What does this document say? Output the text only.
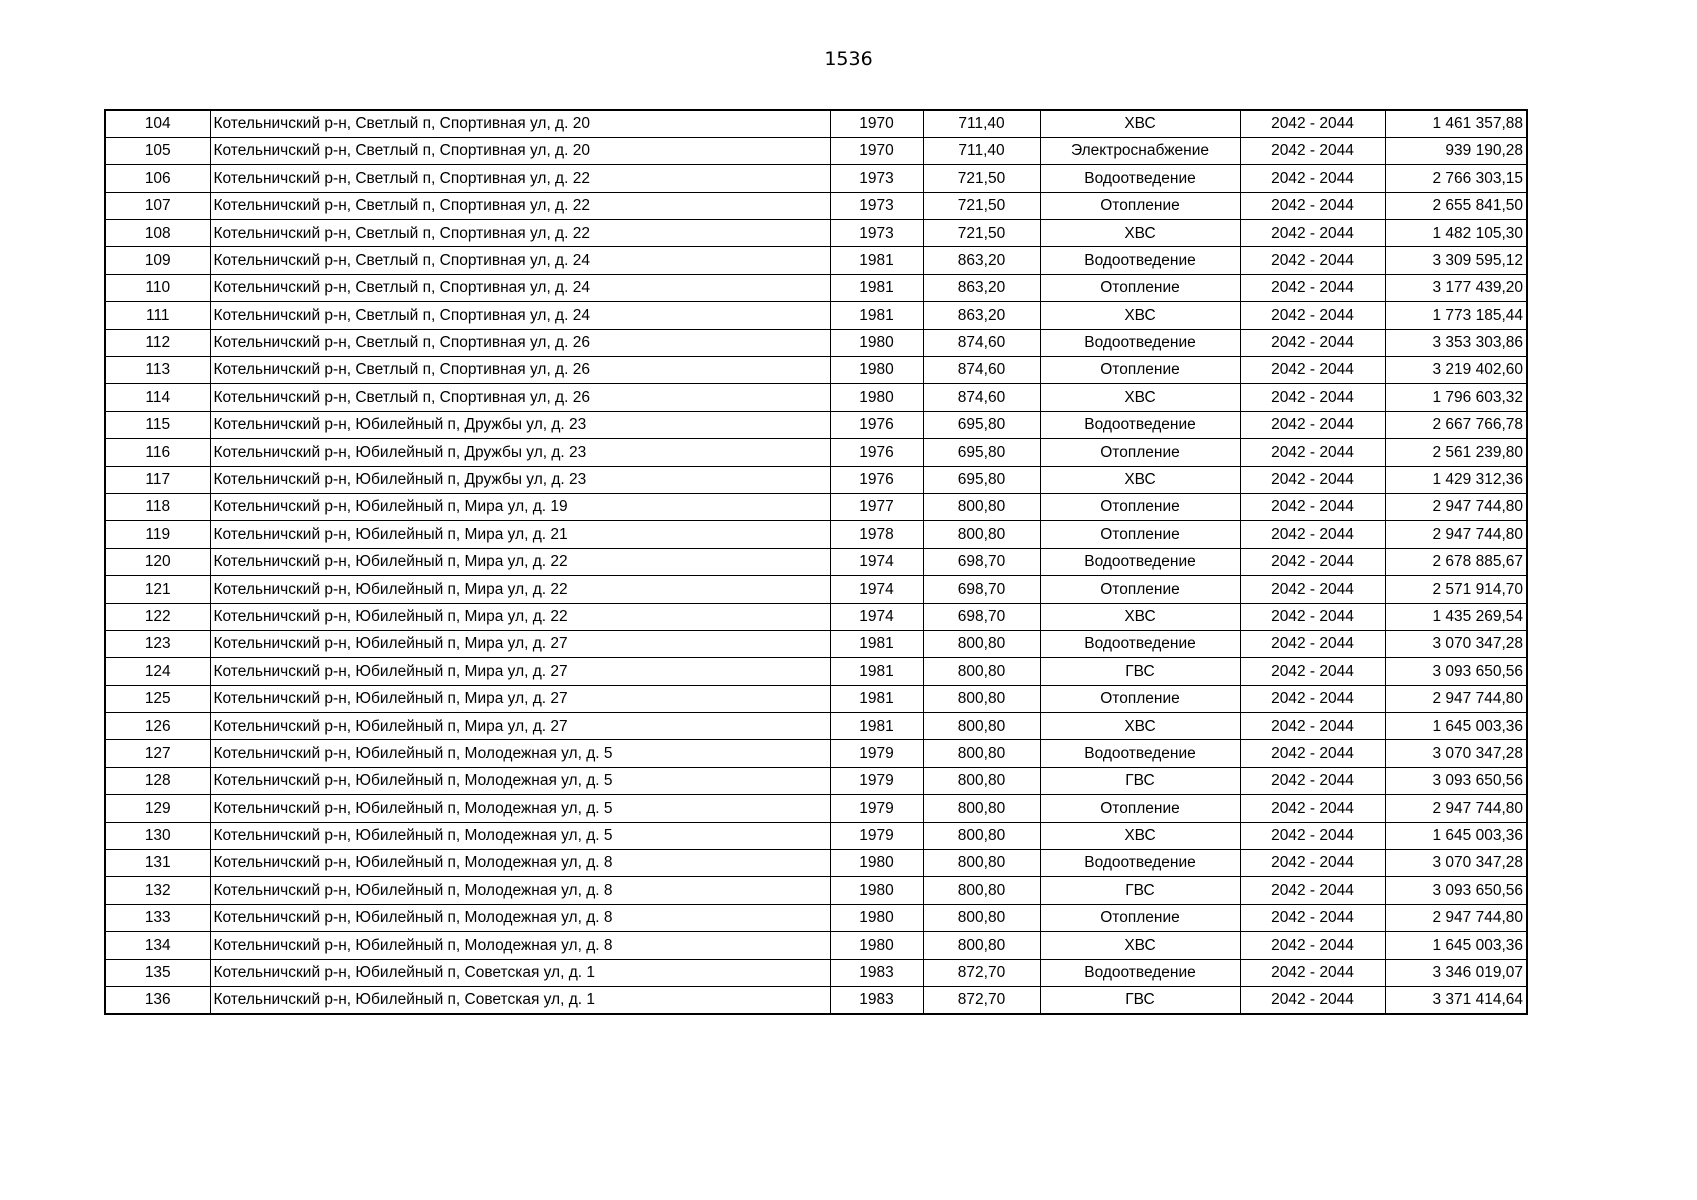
1536
104	Котельничский р-н, Светлый п, Спортивная ул, д. 20	1970	711,40	ХВС	2042 - 2044	1 461 357,88
105	Котельничский р-н, Светлый п, Спортивная ул, д. 20	1970	711,40	Электроснабжение	2042 - 2044	939 190,28
106	Котельничский р-н, Светлый п, Спортивная ул, д. 22	1973	721,50	Водоотведение	2042 - 2044	2 766 303,15
107	Котельничский р-н, Светлый п, Спортивная ул, д. 22	1973	721,50	Отопление	2042 - 2044	2 655 841,50
108	Котельничский р-н, Светлый п, Спортивная ул, д. 22	1973	721,50	ХВС	2042 - 2044	1 482 105,30
109	Котельничский р-н, Светлый п, Спортивная ул, д. 24	1981	863,20	Водоотведение	2042 - 2044	3 309 595,12
110	Котельничский р-н, Светлый п, Спортивная ул, д. 24	1981	863,20	Отопление	2042 - 2044	3 177 439,20
111	Котельничский р-н, Светлый п, Спортивная ул, д. 24	1981	863,20	ХВС	2042 - 2044	1 773 185,44
112	Котельничский р-н, Светлый п, Спортивная ул, д. 26	1980	874,60	Водоотведение	2042 - 2044	3 353 303,86
113	Котельничский р-н, Светлый п, Спортивная ул, д. 26	1980	874,60	Отопление	2042 - 2044	3 219 402,60
114	Котельничский р-н, Светлый п, Спортивная ул, д. 26	1980	874,60	ХВС	2042 - 2044	1 796 603,32
115	Котельничский р-н, Юбилейный п, Дружбы ул, д. 23	1976	695,80	Водоотведение	2042 - 2044	2 667 766,78
116	Котельничский р-н, Юбилейный п, Дружбы ул, д. 23	1976	695,80	Отопление	2042 - 2044	2 561 239,80
117	Котельничский р-н, Юбилейный п, Дружбы ул, д. 23	1976	695,80	ХВС	2042 - 2044	1 429 312,36
118	Котельничский р-н, Юбилейный п, Мира ул, д. 19	1977	800,80	Отопление	2042 - 2044	2 947 744,80
119	Котельничский р-н, Юбилейный п, Мира ул, д. 21	1978	800,80	Отопление	2042 - 2044	2 947 744,80
120	Котельничский р-н, Юбилейный п, Мира ул, д. 22	1974	698,70	Водоотведение	2042 - 2044	2 678 885,67
121	Котельничский р-н, Юбилейный п, Мира ул, д. 22	1974	698,70	Отопление	2042 - 2044	2 571 914,70
122	Котельничский р-н, Юбилейный п, Мира ул, д. 22	1974	698,70	ХВС	2042 - 2044	1 435 269,54
123	Котельничский р-н, Юбилейный п, Мира ул, д. 27	1981	800,80	Водоотведение	2042 - 2044	3 070 347,28
124	Котельничский р-н, Юбилейный п, Мира ул, д. 27	1981	800,80	ГВС	2042 - 2044	3 093 650,56
125	Котельничский р-н, Юбилейный п, Мира ул, д. 27	1981	800,80	Отопление	2042 - 2044	2 947 744,80
126	Котельничский р-н, Юбилейный п, Мира ул, д. 27	1981	800,80	ХВС	2042 - 2044	1 645 003,36
127	Котельничский р-н, Юбилейный п, Молодежная ул, д. 5	1979	800,80	Водоотведение	2042 - 2044	3 070 347,28
128	Котельничский р-н, Юбилейный п, Молодежная ул, д. 5	1979	800,80	ГВС	2042 - 2044	3 093 650,56
129	Котельничский р-н, Юбилейный п, Молодежная ул, д. 5	1979	800,80	Отопление	2042 - 2044	2 947 744,80
130	Котельничский р-н, Юбилейный п, Молодежная ул, д. 5	1979	800,80	ХВС	2042 - 2044	1 645 003,36
131	Котельничский р-н, Юбилейный п, Молодежная ул, д. 8	1980	800,80	Водоотведение	2042 - 2044	3 070 347,28
132	Котельничский р-н, Юбилейный п, Молодежная ул, д. 8	1980	800,80	ГВС	2042 - 2044	3 093 650,56
133	Котельничский р-н, Юбилейный п, Молодежная ул, д. 8	1980	800,80	Отопление	2042 - 2044	2 947 744,80
134	Котельничский р-н, Юбилейный п, Молодежная ул, д. 8	1980	800,80	ХВС	2042 - 2044	1 645 003,36
135	Котельничский р-н, Юбилейный п, Советская ул, д. 1	1983	872,70	Водоотведение	2042 - 2044	3 346 019,07
136	Котельничский р-н, Юбилейный п, Советская ул, д. 1	1983	872,70	ГВС	2042 - 2044	3 371 414,64
